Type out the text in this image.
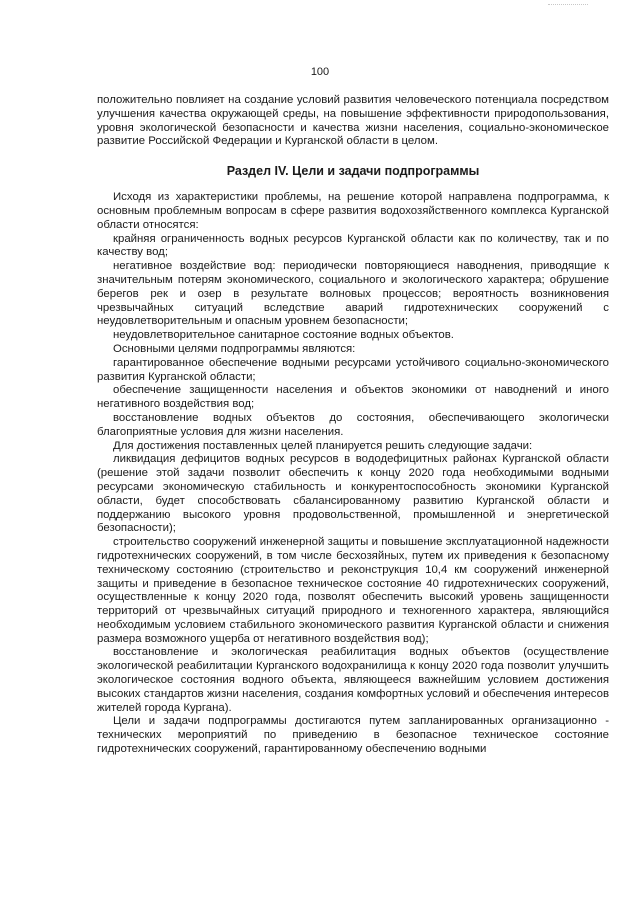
100

положительно повлияет на создание условий развития человеческого потенциала посредством улучшения качества окружающей среды, на повышение эффективности природопользования, уровня экологической безопасности и качества жизни населения, социально-экономическое развитие Российской Федерации и Курганской области в целом.

Раздел IV. Цели и задачи подпрограммы

Исходя из характеристики проблемы, на решение которой направлена подпрограмма, к основным проблемным вопросам в сфере развития водохозяйственного комплекса Курганской области относятся:

крайняя ограниченность водных ресурсов Курганской области как по количеству, так и по качеству вод;

негативное воздействие вод: периодически повторяющиеся наводнения, приводящие к значительным потерям экономического, социального и экологического характера; обрушение берегов рек и озер в результате волновых процессов; вероятность возникновения чрезвычайных ситуаций вследствие аварий гидротехнических сооружений с неудовлетворительным и опасным уровнем безопасности;

неудовлетворительное санитарное состояние водных объектов.

Основными целями подпрограммы являются:

гарантированное обеспечение водными ресурсами устойчивого социально-экономического развития Курганской области;

обеспечение защищенности населения и объектов экономики от наводнений и иного негативного воздействия вод;

восстановление водных объектов до состояния, обеспечивающего экологически благоприятные условия для жизни населения.

Для достижения поставленных целей планируется решить следующие задачи:

ликвидация дефицитов водных ресурсов в вододефицитных районах Курганской области (решение этой задачи позволит обеспечить к концу 2020 года необходимыми водными ресурсами экономическую стабильность и конкурентоспособность экономики Курганской области, будет способствовать сбалансированному развитию Курганской области и поддержанию высокого уровня продовольственной, промышленной и энергетической безопасности);

строительство сооружений инженерной защиты и повышение эксплуатационной надежности гидротехнических сооружений, в том числе бесхозяйных, путем их приведения к безопасному техническому состоянию (строительство и реконструкция 10,4 км сооружений инженерной защиты и приведение в безопасное техническое состояние 40 гидротехнических сооружений, осуществленные к концу 2020 года, позволят обеспечить высокий уровень защищенности территорий от чрезвычайных ситуаций природного и техногенного характера, являющийся необходимым условием стабильного экономического развития Курганской области и снижения размера возможного ущерба от негативного воздействия вод);

восстановление и экологическая реабилитация водных объектов (осуществление экологической реабилитации Курганского водохранилища к концу 2020 года позволит улучшить экологическое состояния водного объекта, являющееся важнейшим условием достижения высоких стандартов жизни населения, создания комфортных условий и обеспечения интересов жителей города Кургана).

Цели и задачи подпрограммы достигаются путем запланированных организационно - технических мероприятий по приведению в безопасное техническое состояние гидротехнических сооружений, гарантированному обеспечению водными
